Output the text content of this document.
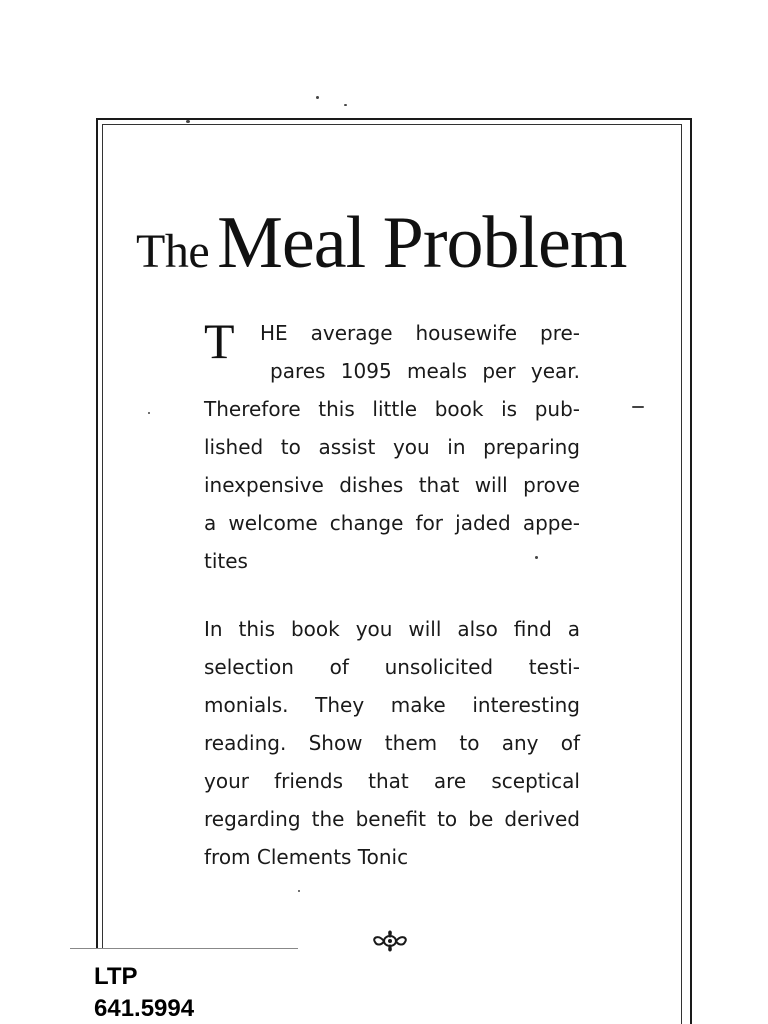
The Meal Problem
T HE average housewife pre-
pares 1095 meals per year.
Therefore this little book is pub-
lished to assist you in preparing
inexpensive dishes that will prove
a welcome change for jaded appe-
tites
In this book you will also find a
selection of unsolicited testi-
monials. They make interesting
reading. Show them to any of
your friends that are sceptical
regarding the benefit to be derived
from Clements Tonic
LTP
641.5994
